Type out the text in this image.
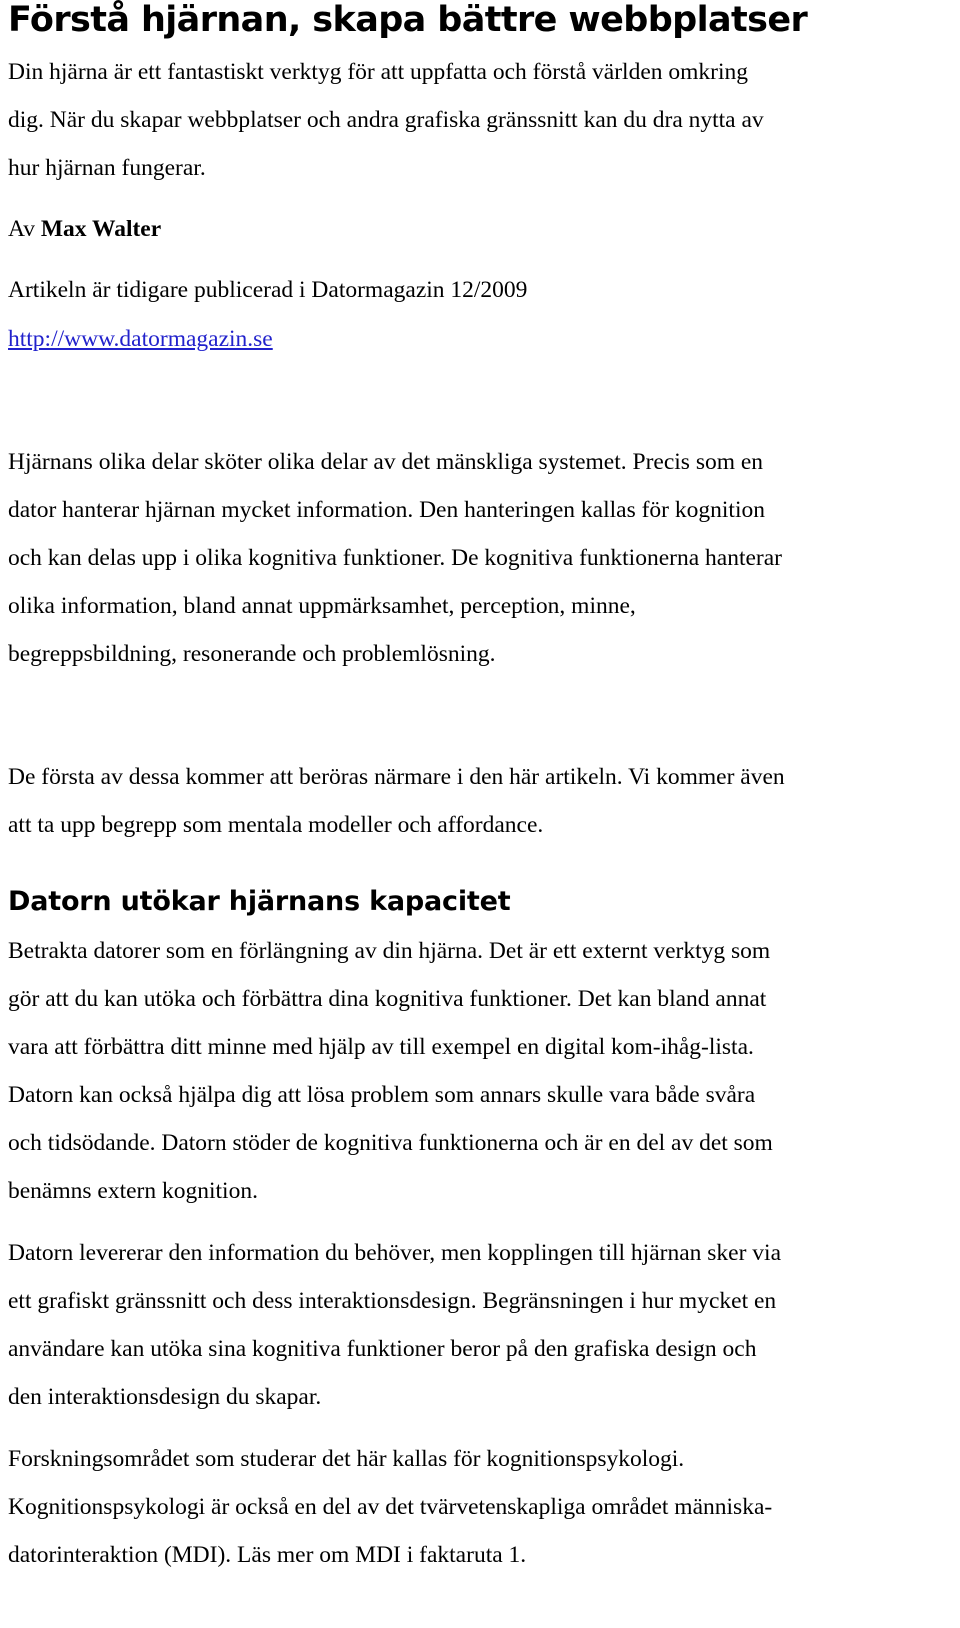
Förstå hjärnan, skapa bättre webbplatser

Din hjärna är ett fantastiskt verktyg för att uppfatta och förstå världen omkring
dig. När du skapar webbplatser och andra grafiska gränssnitt kan du dra nytta av
hur hjärnan fungerar.

Av Max Walter

Artikeln är tidigare publicerad i Datormagazin 12/2009

http://www.datormagazin.se

Hjärnans olika delar sköter olika delar av det mänskliga systemet. Precis som en
dator hanterar hjärnan mycket information. Den hanteringen kallas för kognition
och kan delas upp i olika kognitiva funktioner. De kognitiva funktionerna hanterar
olika information, bland annat uppmärksamhet, perception, minne,
begreppsbildning, resonerande och problemlösning.

De första av dessa kommer att beröras närmare i den här artikeln. Vi kommer även
att ta upp begrepp som mentala modeller och affordance.

Datorn utökar hjärnans kapacitet

Betrakta datorer som en förlängning av din hjärna. Det är ett externt verktyg som
gör att du kan utöka och förbättra dina kognitiva funktioner. Det kan bland annat
vara att förbättra ditt minne med hjälp av till exempel en digital kom-ihåg-lista.
Datorn kan också hjälpa dig att lösa problem som annars skulle vara både svåra
och tidsödande. Datorn stöder de kognitiva funktionerna och är en del av det som
benämns extern kognition.

Datorn levererar den information du behöver, men kopplingen till hjärnan sker via
ett grafiskt gränssnitt och dess interaktionsdesign. Begränsningen i hur mycket en
användare kan utöka sina kognitiva funktioner beror på den grafiska design och
den interaktionsdesign du skapar.

Forskningsområdet som studerar det här kallas för kognitionspsykologi.
Kognitionspsykologi är också en del av det tvärvetenskapliga området människa-
datorinteraktion (MDI). Läs mer om MDI i faktaruta 1.
